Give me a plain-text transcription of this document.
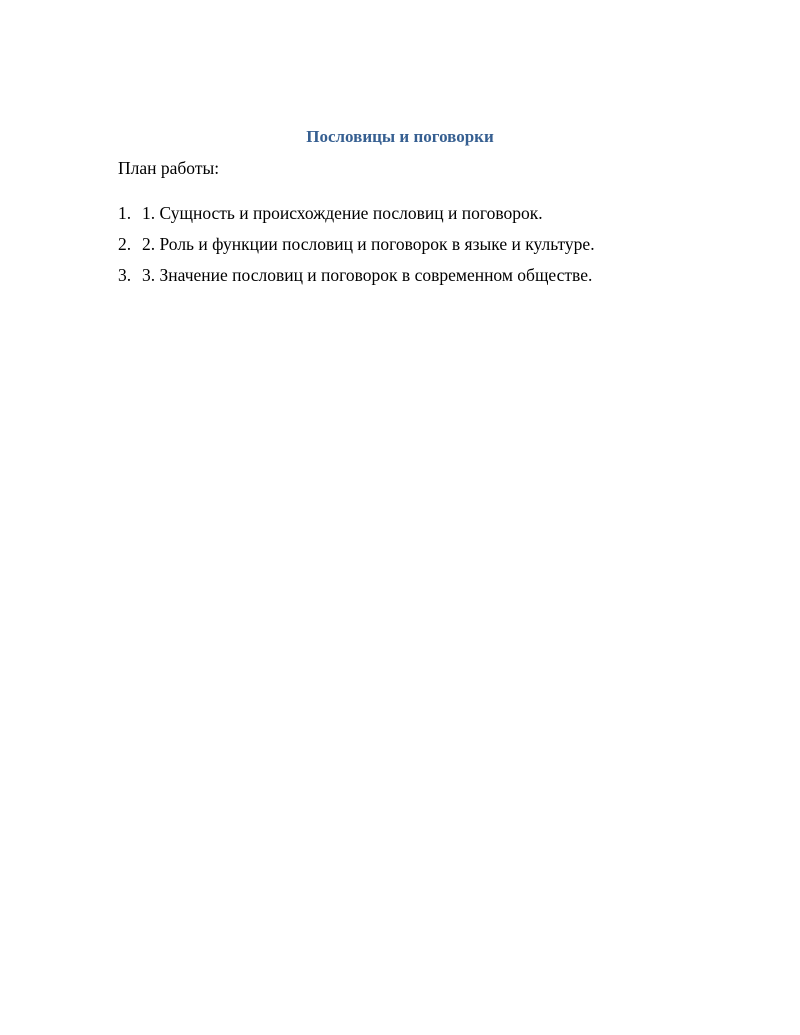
Пословицы и поговорки

План работы:

1. 1. Сущность и происхождение пословиц и поговорок.
2. 2. Роль и функции пословиц и поговорок в языке и культуре.
3. 3. Значение пословиц и поговорок в современном обществе.
